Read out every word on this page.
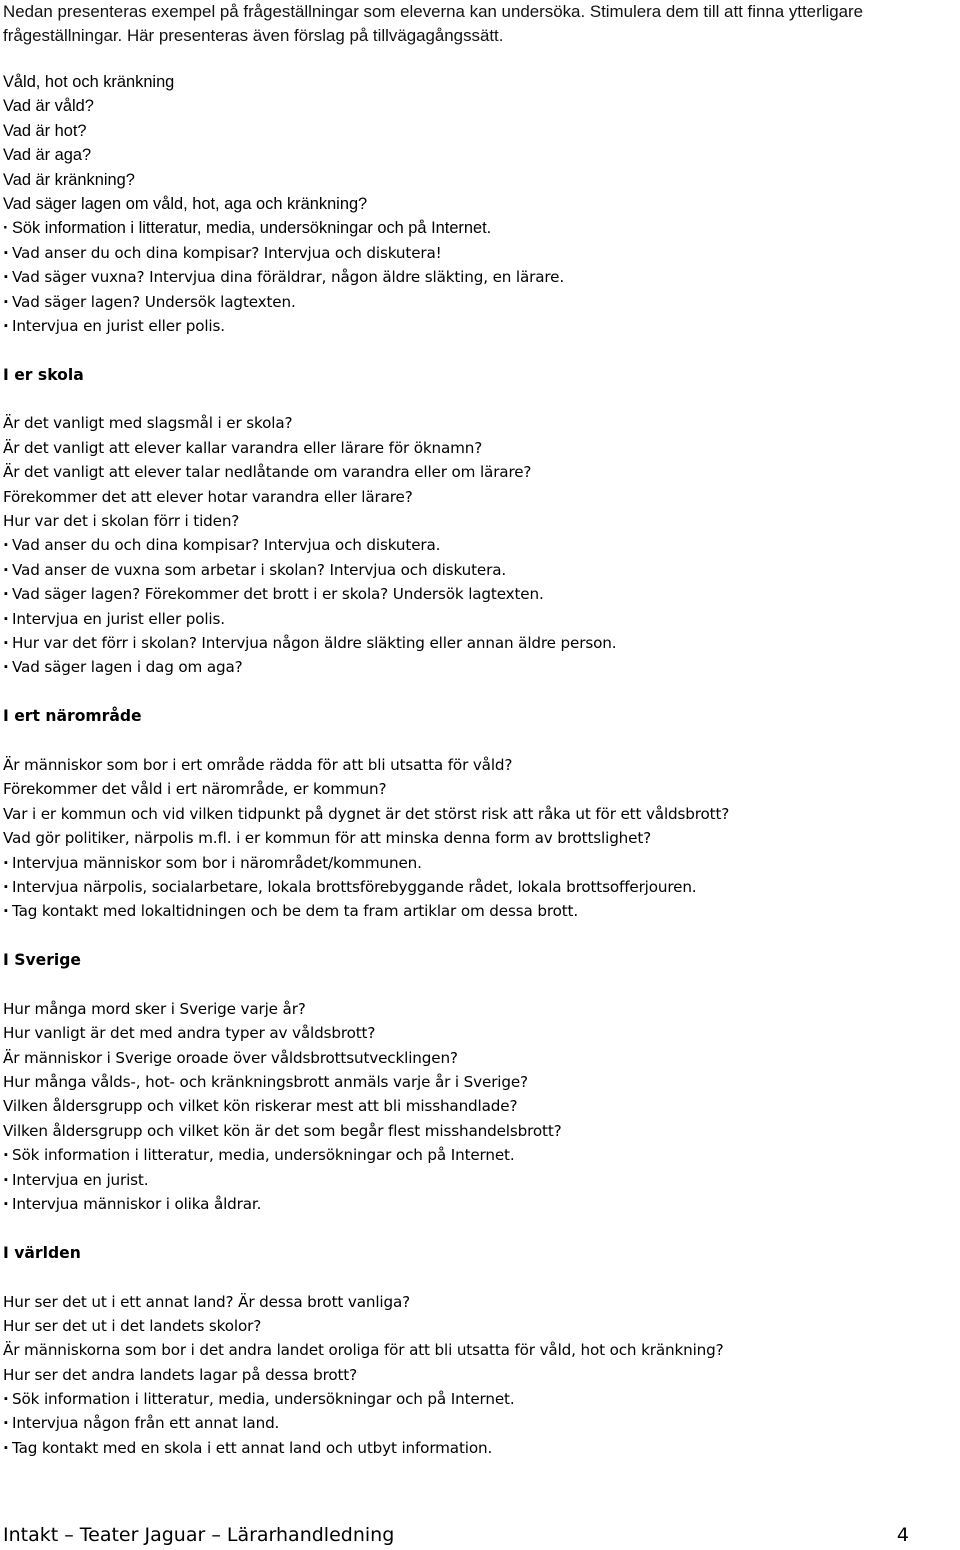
Nedan presenteras exempel på frågeställningar som eleverna kan undersöka. Stimulera dem till att finna ytterligare
frågeställningar. Här presenteras även förslag på tillvägagångssätt.
Våld, hot och kränkning
Vad är våld?
Vad är hot?
Vad är aga?
Vad är kränkning?
Vad säger lagen om våld, hot, aga och kränkning?
· Sök information i litteratur, media, undersökningar och på Internet.
· Vad anser du och dina kompisar? Intervjua och diskutera!
· Vad säger vuxna? Intervjua dina föräldrar, någon äldre släkting, en lärare.
· Vad säger lagen? Undersök lagtexten.
· Intervjua en jurist eller polis.
I er skola
Är det vanligt med slagsmål i er skola?
Är det vanligt att elever kallar varandra eller lärare för öknamn?
Är det vanligt att elever talar nedlåtande om varandra eller om lärare?
Förekommer det att elever hotar varandra eller lärare?
Hur var det i skolan förr i tiden?
· Vad anser du och dina kompisar? Intervjua och diskutera.
· Vad anser de vuxna som arbetar i skolan? Intervjua och diskutera.
· Vad säger lagen? Förekommer det brott i er skola? Undersök lagtexten.
· Intervjua en jurist eller polis.
· Hur var det förr i skolan? Intervjua någon äldre släkting eller annan äldre person.
· Vad säger lagen i dag om aga?
I ert närområde
Är människor som bor i ert område rädda för att bli utsatta för våld?
Förekommer det våld i ert närområde, er kommun?
Var i er kommun och vid vilken tidpunkt på dygnet är det störst risk att råka ut för ett våldsbrott?
Vad gör politiker, närpolis m.fl. i er kommun för att minska denna form av brottslighet?
· Intervjua människor som bor i närområdet/kommunen.
· Intervjua närpolis, socialarbetare, lokala brottsförebyggande rådet, lokala brottsofferjouren.
· Tag kontakt med lokaltidningen och be dem ta fram artiklar om dessa brott.
I Sverige
Hur många mord sker i Sverige varje år?
Hur vanligt är det med andra typer av våldsbrott?
Är människor i Sverige oroade över våldsbrottsutvecklingen?
Hur många vålds-, hot- och kränkningsbrott anmäls varje år i Sverige?
Vilken åldersgrupp och vilket kön riskerar mest att bli misshandlade?
Vilken åldersgrupp och vilket kön är det som begår flest misshandelsbrott?
· Sök information i litteratur, media, undersökningar och på Internet.
· Intervjua en jurist.
· Intervjua människor i olika åldrar.
I världen
Hur ser det ut i ett annat land? Är dessa brott vanliga?
Hur ser det ut i det landets skolor?
Är människorna som bor i det andra landet oroliga för att bli utsatta för våld, hot och kränkning?
Hur ser det andra landets lagar på dessa brott?
· Sök information i litteratur, media, undersökningar och på Internet.
· Intervjua någon från ett annat land.
· Tag kontakt med en skola i ett annat land och utbyt information.
Intakt – Teater Jaguar – Lärarhandledning	4
